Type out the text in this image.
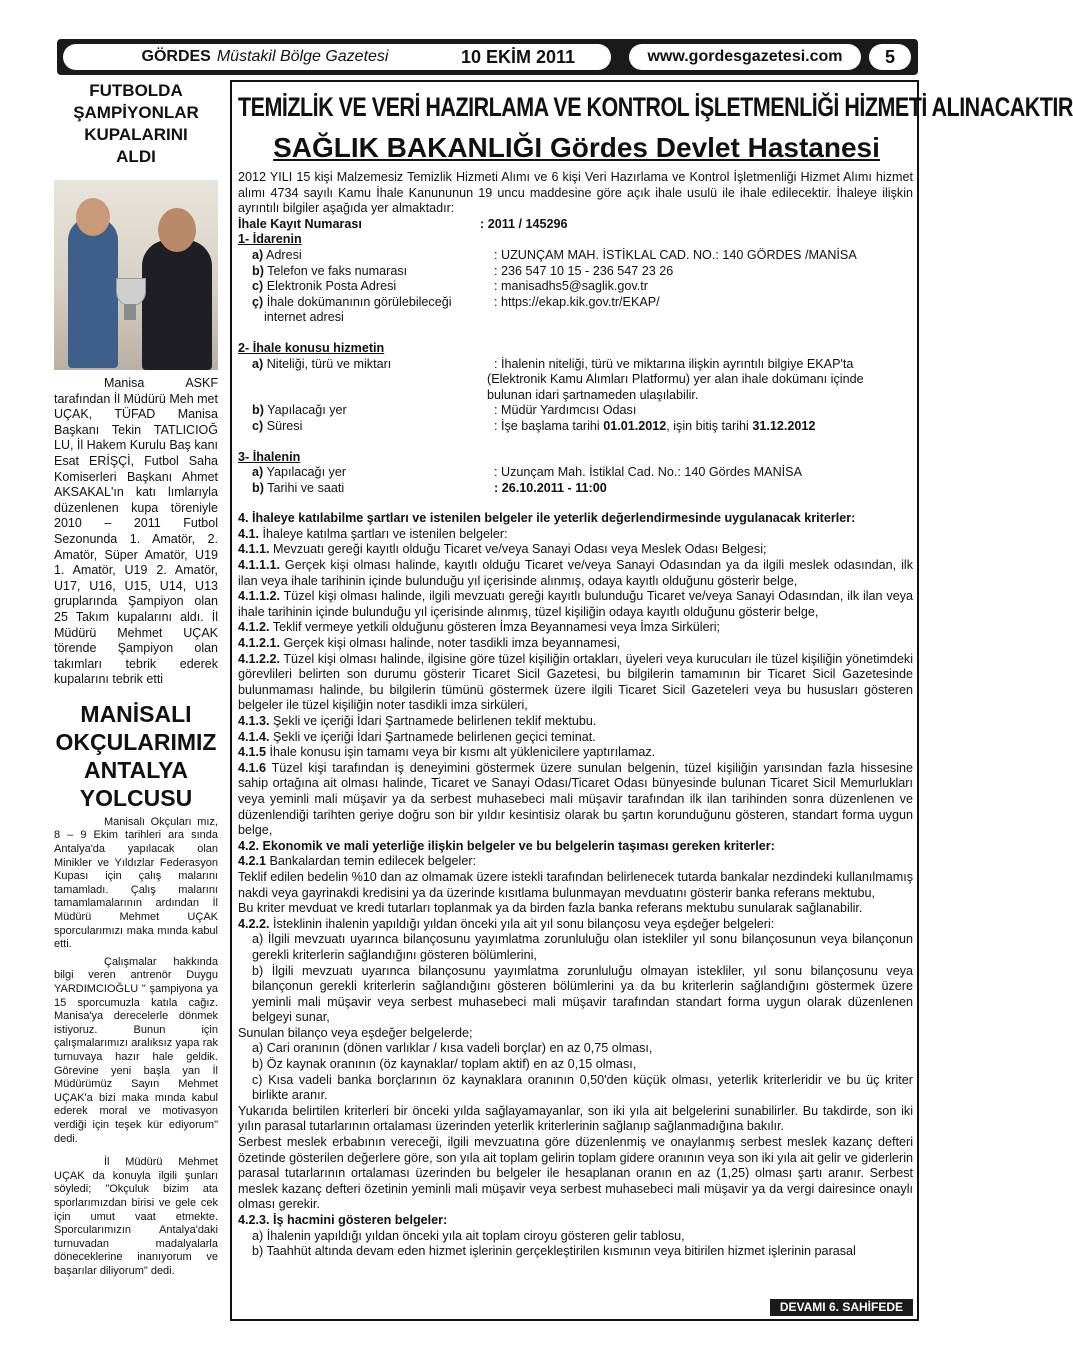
GÖRDES Müstakil Bölge Gazetesi	10 EKİM 2011	www.gordesgazetesi.com	5
FUTBOLDA
ŞAMPİYONLAR
KUPALARINI
ALDI

Manisa ASKF tarafından İl Müdürü Meh met UÇAK, TÜFAD Manisa Başkanı Tekin TATLICIOĞ LU, İl Hakem Kurulu Baş kanı Esat ERİŞÇİ, Futbol Saha Komiserleri Başkanı Ahmet AKSAKAL'ın katı lımlarıyla düzenlenen kupa töreniyle 2010 – 2011 Futbol Sezonunda 1. Amatör, 2. Amatör, Süper Amatör, U19 1. Amatör, U19 2. Amatör, U17, U16, U15, U14, U13 gruplarında Şampiyon olan 25 Takım kupalarını aldı. İl Müdürü Mehmet UÇAK törende Şampiyon olan takımları tebrik ederek kupalarını tebrik etti

MANİSALI
OKÇULARIMIZ
ANTALYA
YOLCUSU

Manisalı Okçuları mız, 8 – 9 Ekim tarihleri ara sında Antalya'da yapılacak olan Minikler ve Yıldızlar Federasyon Kupası için çalış malarını tamamladı. Çalış malarını tamamlamalarının ardından İl Müdürü Mehmet UÇAK sporcularımızı maka mında kabul etti.

Çalışmalar hakkında bilgi veren antrenör Duygu YARDIMCIOĞLU " şampiyona ya 15 sporcumuzla katıla cağız. Manisa'ya derecelerle dönmek istiyoruz. Bunun için çalışmalarımızı aralıksız yapa rak turnuvaya hazır hale geldik. Görevine yeni başla yan İl Müdürümüz Sayın Mehmet UÇAK'a bizi maka mında kabul ederek moral ve motivasyon verdiği için teşek kür ediyorum" dedi.

İl Müdürü Mehmet UÇAK da konuyla ilgili şunları söyledi; "Okçuluk bizim ata sporlarımızdan birisi ve gele cek için umut vaat etmekte. Sporcularımızın Antalya'daki turnuvadan madalyalarla döneceklerine inanıyorum ve başarılar diliyorum" dedi.

TEMİZLİK VE VERİ HAZIRLAMA VE KONTROL İŞLETMENLİĞİ HİZMETİ ALINACAKTIR
SAĞLIK BAKANLIĞI Gördes Devlet Hastanesi

2012 YILI 15 kişi Malzemesiz Temizlik Hizmeti Alımı ve 6 kişi Veri Hazırlama ve Kontrol İşletmenliği Hizmet Alımı hizmet alımı 4734 sayılı Kamu İhale Kanununun 19 uncu maddesine göre açık ihale usulü ile ihale edilecektir. İhaleye ilişkin ayrıntılı bilgiler aşağıda yer almaktadır:

İhale Kayıt Numarası	: 2011 / 145296
1- İdarenin
a) Adresi	: UZUNÇAM MAH. İSTİKLAL CAD. NO.: 140 GÖRDES /MANİSA
b) Telefon ve faks numarası	: 236 547 10 15 - 236 547 23 26
c) Elektronik Posta Adresi	: manisadhs5@saglik.gov.tr
ç) İhale dokümanının görülebileceği	: https://ekap.kik.gov.tr/EKAP/
internet adresi
2- İhale konusu hizmetin
a) Niteliği, türü ve miktarı	: İhalenin niteliği, türü ve miktarına ilişkin ayrıntılı bilgiye EKAP'ta
(Elektronik Kamu Alımları Platformu) yer alan ihale dokümanı içinde
bulunan idari şartnameden ulaşılabilir.
b) Yapılacağı yer	: Müdür Yardımcısı Odası
c) Süresi	: İşe başlama tarihi 01.01.2012, işin bitiş tarihi 31.12.2012
3- İhalenin
a) Yapılacağı yer	: Uzunçam Mah. İstiklal Cad. No.: 140 Gördes MANİSA
b) Tarihi ve saati	: 26.10.2011 - 11:00

4. İhaleye katılabilme şartları ve istenilen belgeler ile yeterlik değerlendirmesinde uygulanacak kriterler:

4.1. İhaleye katılma şartları ve istenilen belgeler:

4.1.1. Mevzuatı gereği kayıtlı olduğu Ticaret ve/veya Sanayi Odası veya Meslek Odası Belgesi;

4.1.1.1. Gerçek kişi olması halinde, kayıtlı olduğu Ticaret ve/veya Sanayi Odasından ya da ilgili meslek odasından, ilk ilan veya ihale tarihinin içinde bulunduğu yıl içerisinde alınmış, odaya kayıtlı olduğunu gösterir belge,

4.1.1.2. Tüzel kişi olması halinde, ilgili mevzuatı gereği kayıtlı bulunduğu Ticaret ve/veya Sanayi Odasından, ilk ilan veya ihale tarihinin içinde bulunduğu yıl içerisinde alınmış, tüzel kişiliğin odaya kayıtlı olduğunu gösterir belge,

4.1.2. Teklif vermeye yetkili olduğunu gösteren İmza Beyannamesi veya İmza Sirküleri;

4.1.2.1. Gerçek kişi olması halinde, noter tasdikli imza beyannamesi,

4.1.2.2. Tüzel kişi olması halinde, ilgisine göre tüzel kişiliğin ortakları, üyeleri veya kurucuları ile tüzel kişiliğin yönetimdeki görevlileri belirten son durumu gösterir Ticaret Sicil Gazetesi, bu bilgilerin tamamının bir Ticaret Sicil Gazetesinde bulunmaması halinde, bu bilgilerin tümünü göstermek üzere ilgili Ticaret Sicil Gazeteleri veya bu hususları gösteren belgeler ile tüzel kişiliğin noter tasdikli imza sirküleri,

4.1.3. Şekli ve içeriği İdari Şartnamede belirlenen teklif mektubu.

4.1.4. Şekli ve içeriği İdari Şartnamede belirlenen geçici teminat.

4.1.5 İhale konusu işin tamamı veya bir kısmı alt yüklenicilere yaptırılamaz.

4.1.6 Tüzel kişi tarafından iş deneyimini göstermek üzere sunulan belgenin, tüzel kişiliğin yarısından fazla hissesine sahip ortağına ait olması halinde, Ticaret ve Sanayi Odası/Ticaret Odası bünyesinde bulunan Ticaret Sicil Memurlukları veya yeminli mali müşavir ya da serbest muhasebeci mali müşavir tarafından ilk ilan tarihinden sonra düzenlenen ve düzenlendiği tarihten geriye doğru son bir yıldır kesintisiz olarak bu şartın korunduğunu gösteren, standart forma uygun belge,

4.2. Ekonomik ve mali yeterliğe ilişkin belgeler ve bu belgelerin taşıması gereken kriterler:

4.2.1 Bankalardan temin edilecek belgeler:

Teklif edilen bedelin %10 dan az olmamak üzere istekli tarafından belirlenecek tutarda bankalar nezdindeki kullanılmamış nakdi veya gayrinakdi kredisini ya da üzerinde kısıtlama bulunmayan mevduatını gösterir banka referans mektubu,

Bu kriter mevduat ve kredi tutarları toplanmak ya da birden fazla banka referans mektubu sunularak sağlanabilir.

4.2.2. İsteklinin ihalenin yapıldığı yıldan önceki yıla ait yıl sonu bilançosu veya eşdeğer belgeleri:

a) İlgili mevzuatı uyarınca bilançosunu yayımlatma zorunluluğu olan istekliler yıl sonu bilançosunun veya bilançonun gerekli kriterlerin sağlandığını gösteren bölümlerini,

b) İlgili mevzuatı uyarınca bilançosunu yayımlatma zorunluluğu olmayan istekliler, yıl sonu bilançosunu veya bilançonun gerekli kriterlerin sağlandığını gösteren bölümlerini ya da bu kriterlerin sağlandığını göstermek üzere yeminli mali müşavir veya serbest muhasebeci mali müşavir tarafından standart forma uygun olarak düzenlenen belgeyi sunar,

Sunulan bilanço veya eşdeğer belgelerde;

a) Cari oranının (dönen varlıklar / kısa vadeli borçlar) en az 0,75 olması,

b) Öz kaynak oranının (öz kaynaklar/ toplam aktif) en az 0,15 olması,

c) Kısa vadeli banka borçlarının öz kaynaklara oranının 0,50'den küçük olması, yeterlik kriterleridir ve bu üç kriter birlikte aranır.

Yukarıda belirtilen kriterleri bir önceki yılda sağlayamayanlar, son iki yıla ait belgelerini sunabilirler. Bu takdirde, son iki yılın parasal tutarlarının ortalaması üzerinden yeterlik kriterlerinin sağlanıp sağlanmadığına bakılır.

Serbest meslek erbabının vereceği, ilgili mevzuatına göre düzenlenmiş ve onaylanmış serbest meslek kazanç defteri özetinde gösterilen değerlere göre, son yıla ait toplam gelirin toplam gidere oranının veya son iki yıla ait gelir ve giderlerin parasal tutarlarının ortalaması üzerinden bu belgeler ile hesaplanan oranın en az (1,25) olması şartı aranır. Serbest meslek kazanç defteri özetinin yeminli mali müşavir veya serbest muhasebeci mali müşavir ya da vergi dairesince onaylı olması gerekir.

4.2.3. İş hacmini gösteren belgeler:

a) İhalenin yapıldığı yıldan önceki yıla ait toplam ciroyu gösteren gelir tablosu,

b) Taahhüt altında devam eden hizmet işlerinin gerçekleştirilen kısmının veya bitirilen hizmet işlerinin parasal

DEVAMI 6. SAHİFEDE
